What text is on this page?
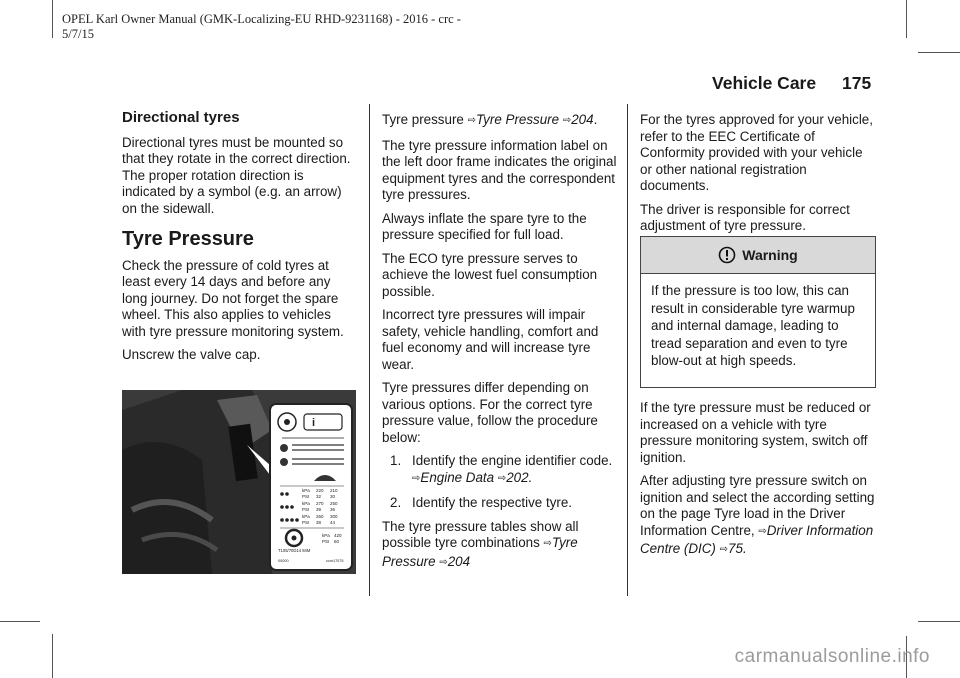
OPEL Karl Owner Manual (GMK-Localizing-EU RHD-9231168) - 2016 - crc -
5/7/15
Vehicle Care 175
Directional tyres

Directional tyres must be mounted so that they rotate in the correct direction. The proper rotation direction is indicated by a symbol (e.g. an arrow) on the sidewall.

Tyre Pressure

Check the pressure of cold tyres at least every 14 days and before any long journey. Do not forget the spare wheel. This also applies to vehicles with tyre pressure monitoring system.

Unscrew the valve cap.

i
kPa 220 210
PSI 32 30
kPa 270 250
PSI 39 36
kPa 260 300
PSI 38 44
T105/70D14 84M
kPa 420
PSI 60
00000	ccm17075

Tyre pressure ⇨Tyre Pressure ⇨204.

The tyre pressure information label on the left door frame indicates the original equipment tyres and the correspondent tyre pressures.

Always inflate the spare tyre to the pressure specified for full load.

The ECO tyre pressure serves to achieve the lowest fuel consumption possible.

Incorrect tyre pressures will impair safety, vehicle handling, comfort and fuel economy and will increase tyre wear.

Tyre pressures differ depending on various options. For the correct tyre pressure value, follow the procedure below:

1. Identify the engine identifier code. ⇨Engine Data ⇨202.
2. Identify the respective tyre.

The tyre pressure tables show all possible tyre combinations ⇨Tyre Pressure ⇨204

For the tyres approved for your vehicle, refer to the EEC Certificate of Conformity provided with your vehicle or other national registration documents.

The driver is responsible for correct adjustment of tyre pressure.

Warning
If the pressure is too low, this can result in considerable tyre warmup and internal damage, leading to tread separation and even to tyre blow-out at high speeds.

If the tyre pressure must be reduced or increased on a vehicle with tyre pressure monitoring system, switch off ignition.

After adjusting tyre pressure switch on ignition and select the according setting on the page Tyre load in the Driver Information Centre, ⇨Driver Information Centre (DIC) ⇨75.

carmanualsonline.info
